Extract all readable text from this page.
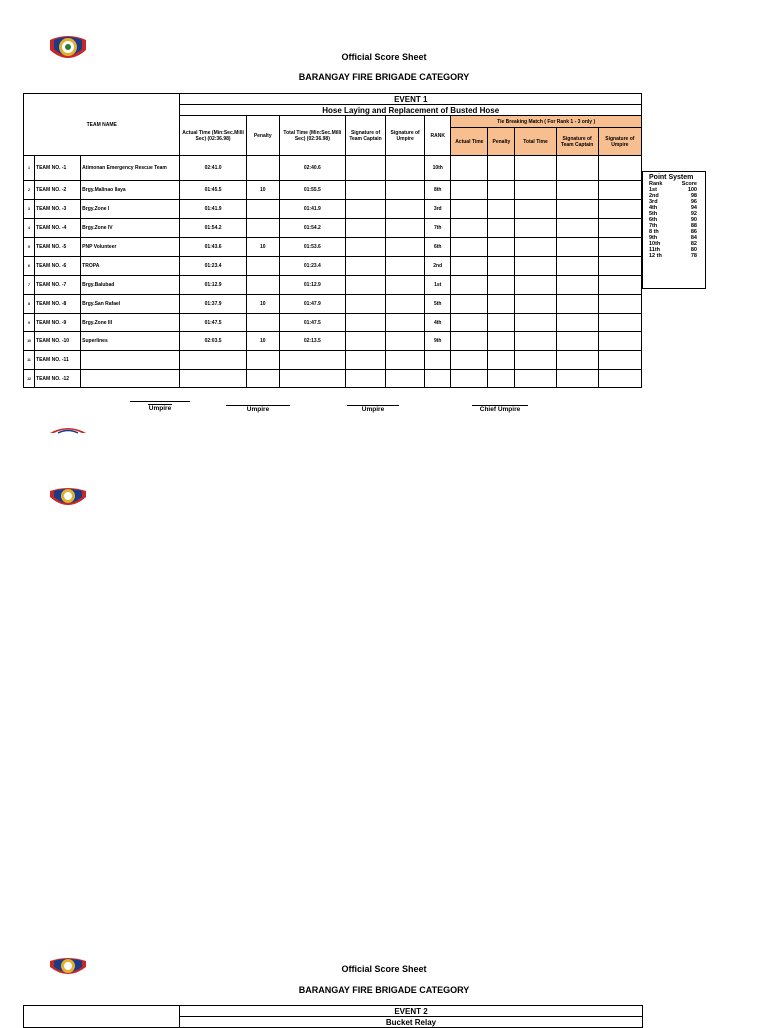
Official Score Sheet
BARANGAY FIRE BRIGADE CATEGORY
TEAM NAME			EVENT 1										
			Hose Laying and Replacement of Busted Hose										
			Actual Time (Min:Sec.Milli Sec) (02:36.98)	Penalty	Total Time (Min:Sec.Milli Sec) (02:36.98)	Signature of Team Captain	Signature of Umpire	RANK	Tie Breaking Match ( For Rank 1 - 3 only )				
									Actual Time	Penalty	Total Time	Signature of Team Captain	Signature of Umpire
1	TEAM NO. -1	Atimonan Emergency Rescue Team	02:41.0		02:40.6			10th					
2	TEAM NO. -2	Brgy.Malinao Ilaya	01:45.5	10	01:55.5			8th					
3	TEAM NO. -3	Brgy.Zone I	01:41.9		01:41.9			3rd					
4	TEAM NO. -4	Brgy.Zone IV	01:54.2		01:54.2			7th					
5	TEAM NO. -5	PNP Volunteer	01:43.6	10	01:53.6			6th					
6	TEAM NO. -6	TROPA	01:23.4		01:23.4			2nd					
7	TEAM NO. -7	Brgy.Balubad	01:12.9		01:12.9			1st					
8	TEAM NO. -8	Brgy.San Rafael	01:37.9	10	01:47.9			5th					
9	TEAM NO. -9	Brgy.Zone III	01:47.5		01:47.5			4th					
10	TEAM NO. -10	Superlines	02:03.5	10	02:13.5			9th					
11	TEAM NO. -11												
12	TEAM NO. -12												
Point System
Rank	Score
1st	100
2nd	98
3rd	96
4th	94
5th	92
6th	90
7th	88
8 th	86
9th	84
10th	82
11th	80
12 th	78
Umpire	Umpire	Umpire	Chief Umpire
Official Score Sheet
BARANGAY FIRE BRIGADE CATEGORY
	EVENT 2
Bucket Relay
